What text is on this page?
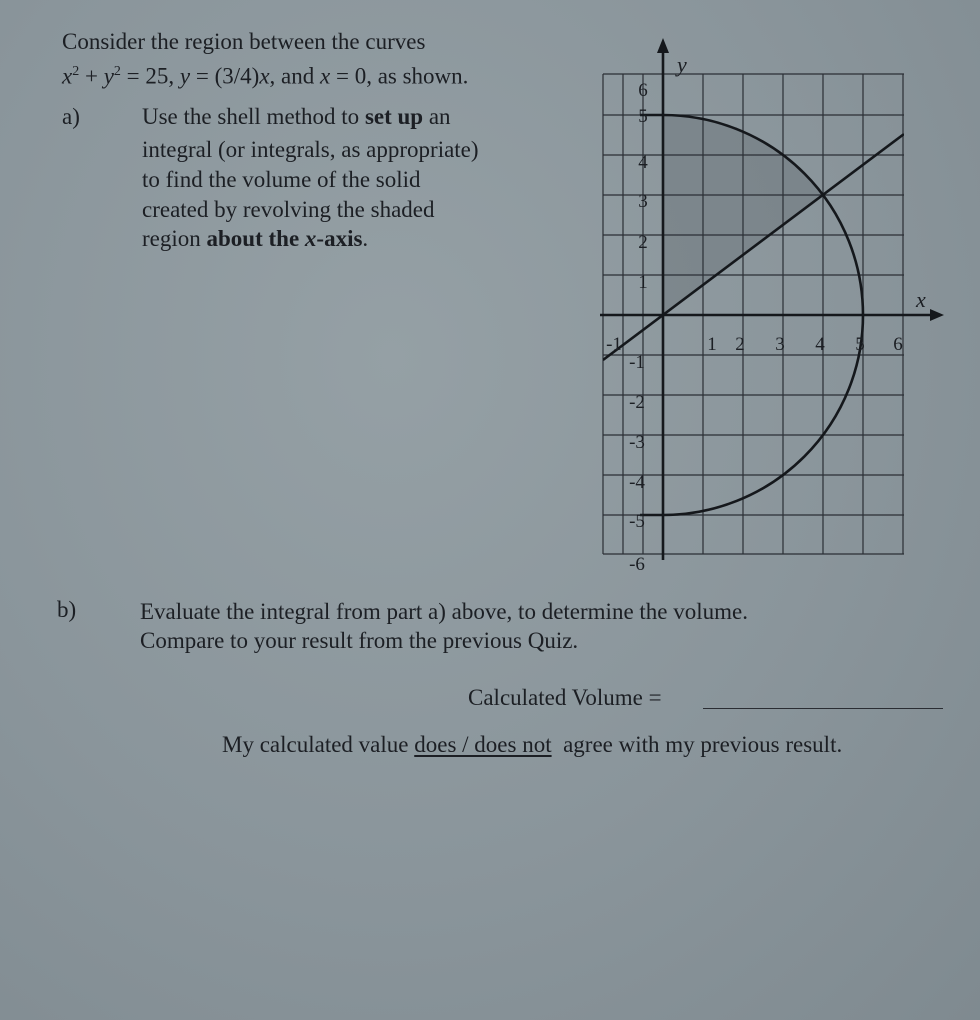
Consider the region between the curves
$x^2 + y^2 = 25$, y = (3/4)x, and x = 0, as shown.
a)	Use the shell method to set up an
integral (or integrals, as appropriate)
to find the volume of the solid
created by revolving the shaded
region about the x-axis.
-1	1 2 3 4 5 6
6
5
4
3
2
1
-1
-2
-3
-4
-5
-6
x
y
b)	Evaluate the integral from part a) above, to determine the volume.
Compare to your result from the previous Quiz.
Calculated Volume =
My calculated value does / does not  agree with my previous result.
